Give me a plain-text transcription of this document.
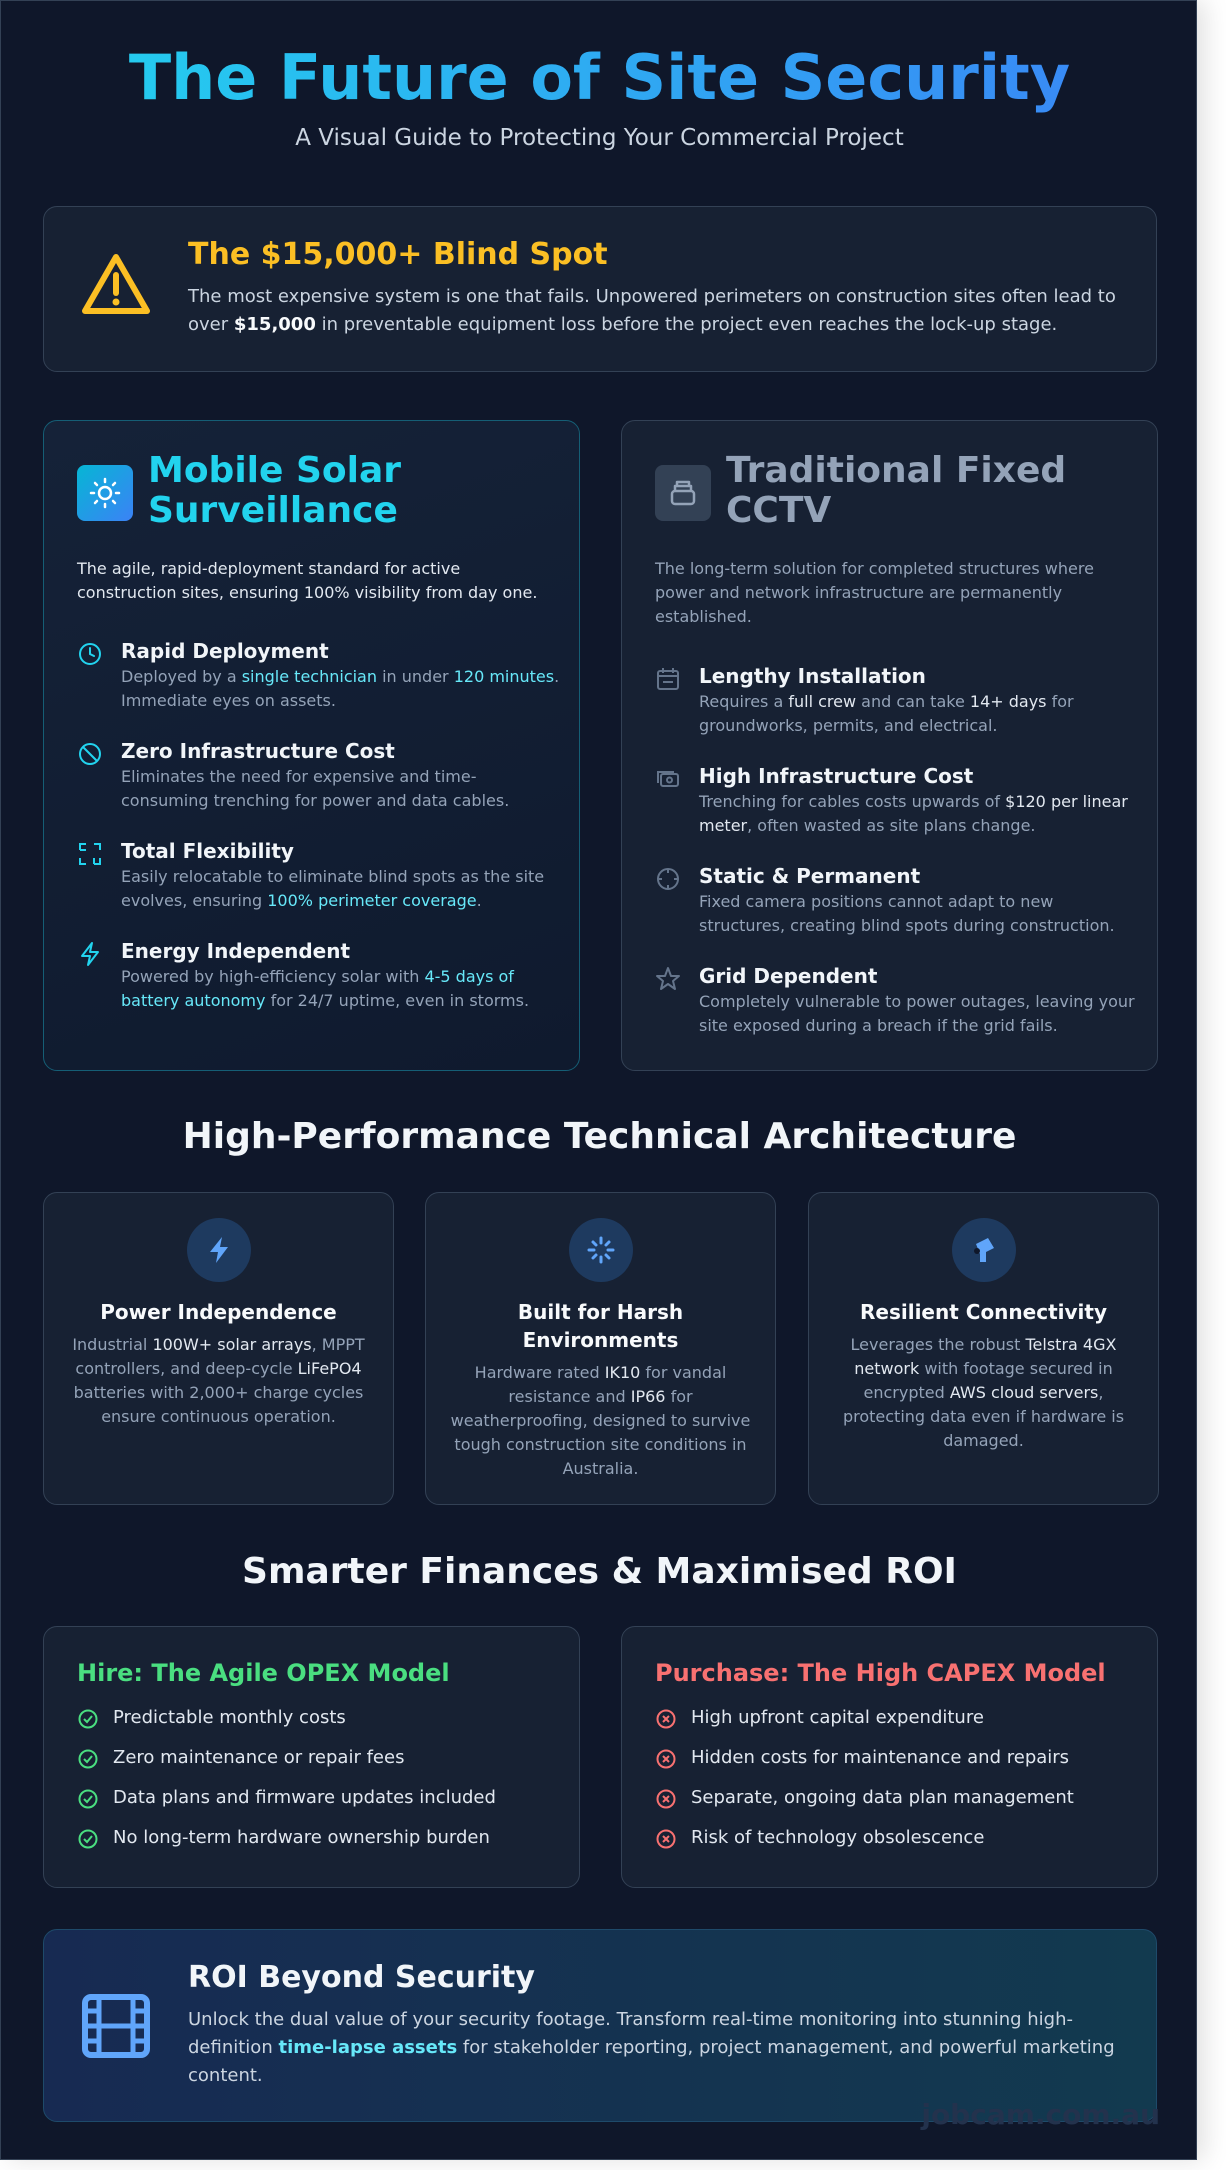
The Future of Site Security
A Visual Guide to Protecting Your Commercial Project
The $15,000+ Blind Spot
The most expensive system is one that fails. Unpowered perimeters on construction sites often lead to over $15,000 in preventable equipment loss before the project even reaches the lock-up stage.
Mobile Solar Surveillance
The agile, rapid-deployment standard for active construction sites, ensuring 100% visibility from day one.
Rapid Deployment
Deployed by a single technician in under 120 minutes. Immediate eyes on assets.
Zero Infrastructure Cost
Eliminates the need for expensive and time-consuming trenching for power and data cables.
Total Flexibility
Easily relocatable to eliminate blind spots as the site evolves, ensuring 100% perimeter coverage.
Energy Independent
Powered by high-efficiency solar with 4-5 days of battery autonomy for 24/7 uptime, even in storms.
Traditional Fixed CCTV
The long-term solution for completed structures where power and network infrastructure are permanently established.
Lengthy Installation
Requires a full crew and can take 14+ days for groundworks, permits, and electrical.
High Infrastructure Cost
Trenching for cables costs upwards of $120 per linear meter, often wasted as site plans change.
Static & Permanent
Fixed camera positions cannot adapt to new structures, creating blind spots during construction.
Grid Dependent
Completely vulnerable to power outages, leaving your site exposed during a breach if the grid fails.
High-Performance Technical Architecture
Power Independence
Industrial 100W+ solar arrays, MPPT controllers, and deep-cycle LiFePO4 batteries with 2,000+ charge cycles ensure continuous operation.
Built for Harsh Environments
Hardware rated IK10 for vandal resistance and IP66 for weatherproofing, designed to survive tough construction site conditions in Australia.
Resilient Connectivity
Leverages the robust Telstra 4GX network with footage secured in encrypted AWS cloud servers, protecting data even if hardware is damaged.
Smarter Finances & Maximised ROI
Hire: The Agile OPEX Model
Predictable monthly costs
Zero maintenance or repair fees
Data plans and firmware updates included
No long-term hardware ownership burden
Purchase: The High CAPEX Model
High upfront capital expenditure
Hidden costs for maintenance and repairs
Separate, ongoing data plan management
Risk of technology obsolescence
ROI Beyond Security
Unlock the dual value of your security footage. Transform real-time monitoring into stunning high-definition time-lapse assets for stakeholder reporting, project management, and powerful marketing content.
jobcam.com.au
